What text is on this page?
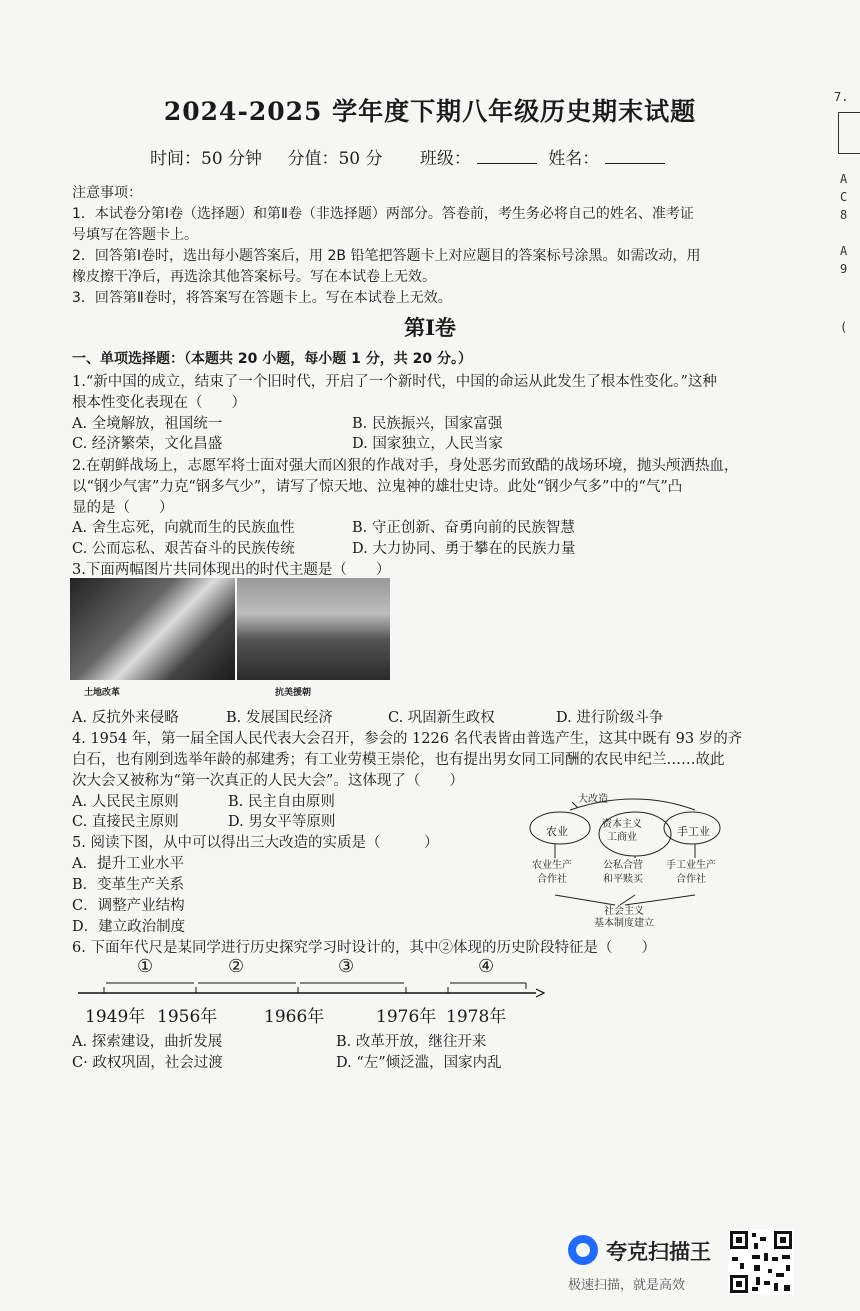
2024-2025 学年度下期八年级历史期末试题
时间：50 分钟 分值：50 分 班级：	姓名：
注意事项：
1．本试卷分第Ⅰ卷（选择题）和第Ⅱ卷（非选择题）两部分。答卷前，考生务必将自己的姓名、准考证
号填写在答题卡上。
2．回答第Ⅰ卷时，选出每小题答案后，用 2B 铅笔把答题卡上对应题目的答案标号涂黑。如需改动，用
橡皮擦干净后，再选涂其他答案标号。写在本试卷上无效。
3．回答第Ⅱ卷时，将答案写在答题卡上。写在本试卷上无效。
第Ⅰ卷
一、单项选择题：（本题共 20 小题，每小题 1 分，共 20 分。）
1.“新中国的成立，结束了一个旧时代，开启了一个新时代，中国的命运从此发生了根本性变化。”这种
根本性变化表现在（　　）
A. 全境解放，祖国统一	B. 民族振兴，国家富强
C. 经济繁荣，文化昌盛	D. 国家独立，人民当家
2.在朝鲜战场上，志愿军将士面对强大而凶狠的作战对手，身处恶劣而致酷的战场环境，抛头颅洒热血，
以“钢少气害”力克“钢多气少”，请写了惊天地、泣鬼神的雄壮史诗。此处“钢少气多”中的“气”凸
显的是（　　）
A. 舍生忘死，向就而生的民族血性	B. 守正创新、奋勇向前的民族智慧
C. 公而忘私、艰苦奋斗的民族传统	D. 大力协同、勇于攀在的民族力量
3.下面两幅图片共同体现出的时代主题是（　　）
土地改革	抗美援朝
A. 反抗外来侵略	B. 发展国民经济	C. 巩固新生政权	D. 进行阶级斗争
4. 1954 年，第一届全国人民代表大会召开，参会的 1226 名代表皆由普选产生，这其中既有 93 岁的齐
白石，也有刚到选举年龄的郝建秀；有工业劳模王崇伦，也有提出男女同工同酬的农民申纪兰……故此
次大会又被称为“第一次真正的人民大会”。这体现了（　　）
A. 人民民主原则	B. 民主自由原则
C. 直接民主原则	D. 男女平等原则
5. 阅读下图，从中可以得出三大改造的实质是（　　　）
A．提升工业水平
B．变革生产关系
C．调整产业结构
D．建立政治制度
大改造
农业
资本主义
工商业	手工业
农业生产
合作社
公私合营
和平赎买
手工业生产
合作社
社会主义
基本制度建立
6. 下面年代尺是某同学进行历史探究学习时设计的，其中②体现的历史阶段特征是（　　）
①	②	③	④
1949年 1956年	1966年	1976年 1978年
A. 探索建设，曲折发展	B. 改革开放，继往开来
C· 政权巩固，社会过渡	D. “左”倾泛滥，国家内乱
7.
A
C
8
A
9
(
夸克扫描王
极速扫描，就是高效
